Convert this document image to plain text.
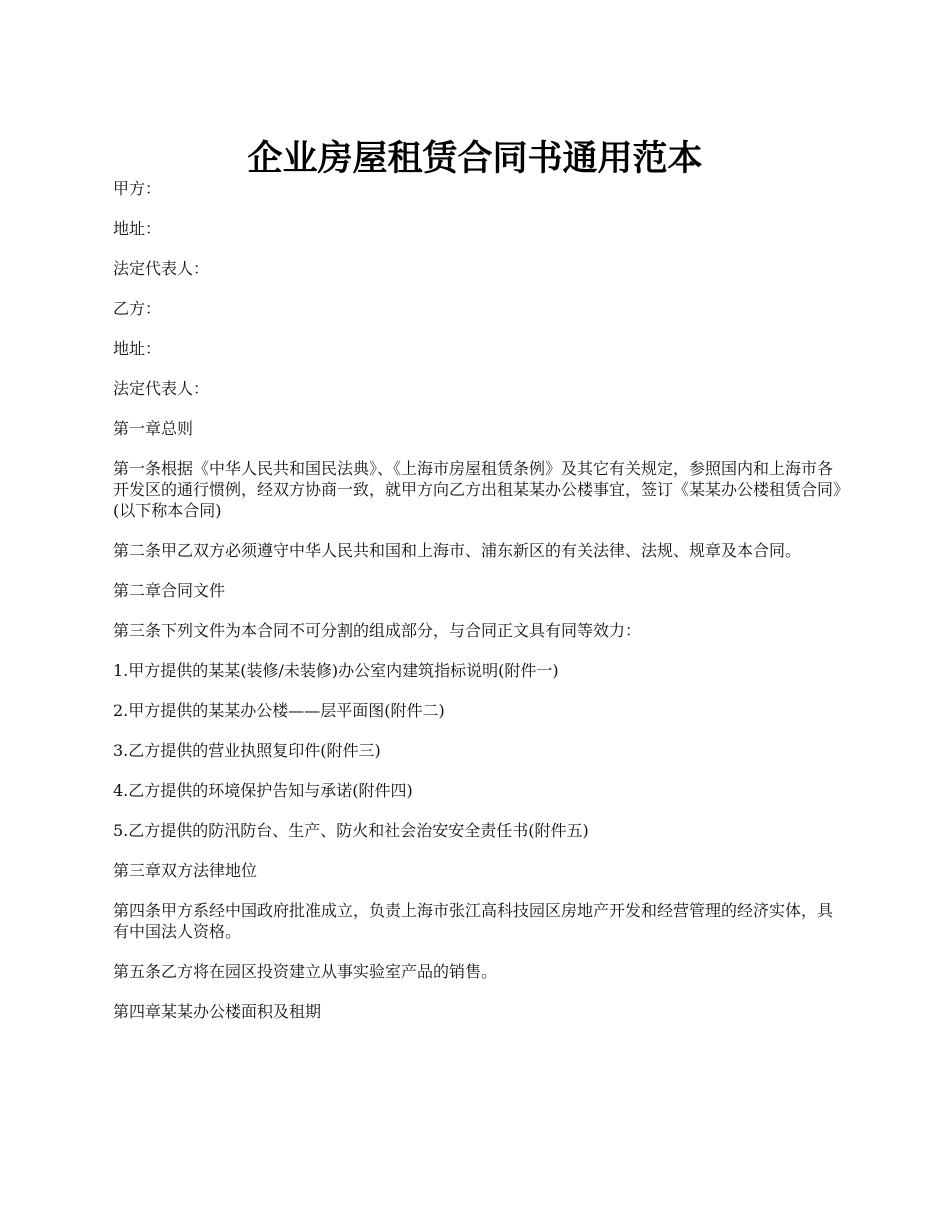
企业房屋租赁合同书通用范本

甲方：

地址：

法定代表人：

乙方：

地址：

法定代表人：

第一章总则

第一条根据《中华人民共和国民法典》、《上海市房屋租赁条例》及其它有关规定，参照国内和上海市各开发区的通行惯例，经双方协商一致，就甲方向乙方出租某某办公楼事宜，签订《某某办公楼租赁合同》(以下称本合同)

第二条甲乙双方必须遵守中华人民共和国和上海市、浦东新区的有关法律、法规、规章及本合同。

第二章合同文件

第三条下列文件为本合同不可分割的组成部分，与合同正文具有同等效力：

1.甲方提供的某某(装修/未装修)办公室内建筑指标说明(附件一)

2.甲方提供的某某办公楼——层平面图(附件二)

3.乙方提供的营业执照复印件(附件三)

4.乙方提供的环境保护告知与承诺(附件四)

5.乙方提供的防汛防台、生产、防火和社会治安安全责任书(附件五)

第三章双方法律地位

第四条甲方系经中国政府批准成立，负责上海市张江高科技园区房地产开发和经营管理的经济实体，具有中国法人资格。

第五条乙方将在园区投资建立从事实验室产品的销售。

第四章某某办公楼面积及租期
